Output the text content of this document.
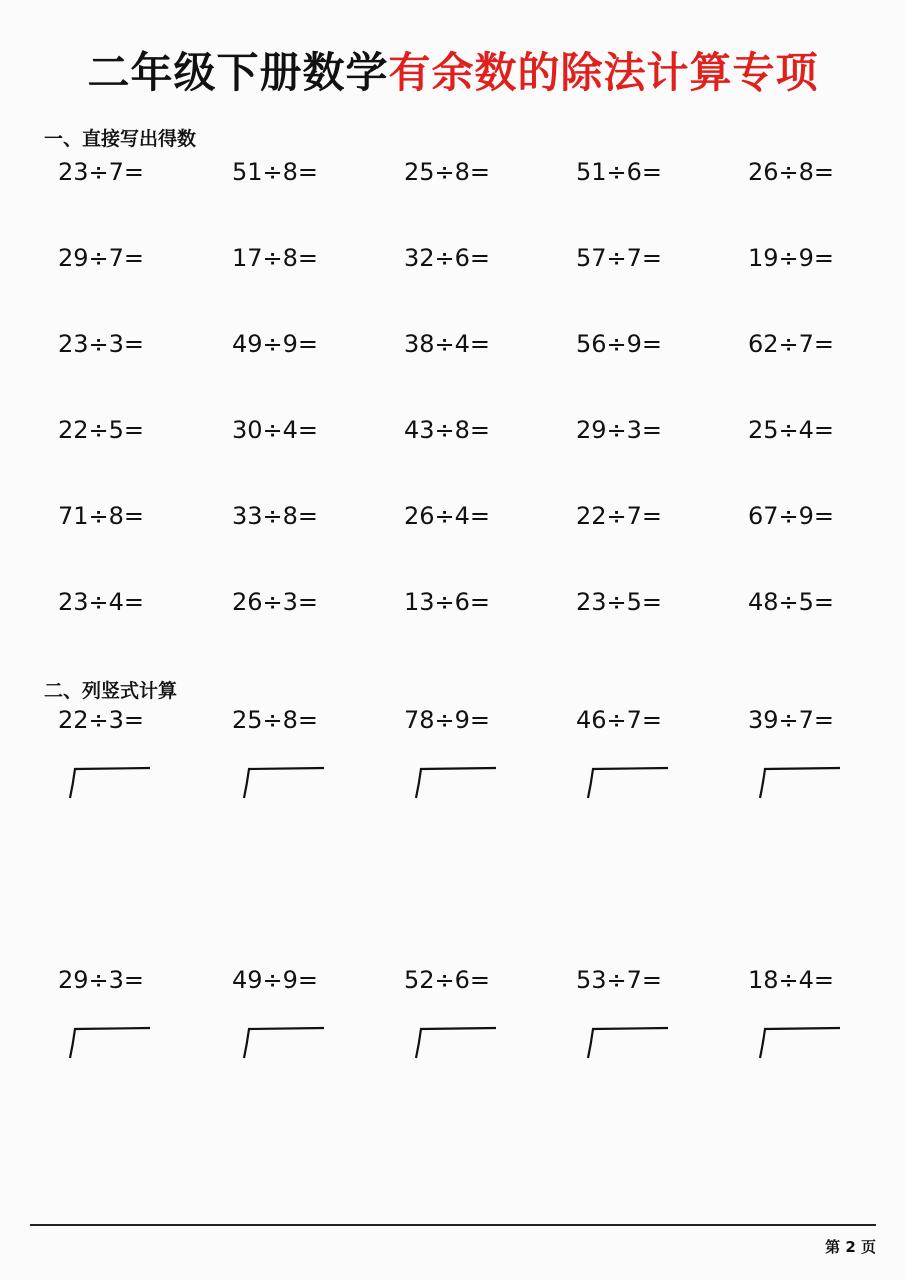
二年级下册数学有余数的除法计算专项
一、直接写出得数
23÷7=	51÷8=	25÷8=	51÷6=	26÷8=
29÷7=	17÷8=	32÷6=	57÷7=	19÷9=
23÷3=	49÷9=	38÷4=	56÷9=	62÷7=
22÷5=	30÷4=	43÷8=	29÷3=	25÷4=
71÷8=	33÷8=	26÷4=	22÷7=	67÷9=
23÷4=	26÷3=	13÷6=	23÷5=	48÷5=
二、列竖式计算
22÷3=	25÷8=	78÷9=	46÷7=	39÷7=
29÷3=	49÷9=	52÷6=	53÷7=	18÷4=
第 2 页
